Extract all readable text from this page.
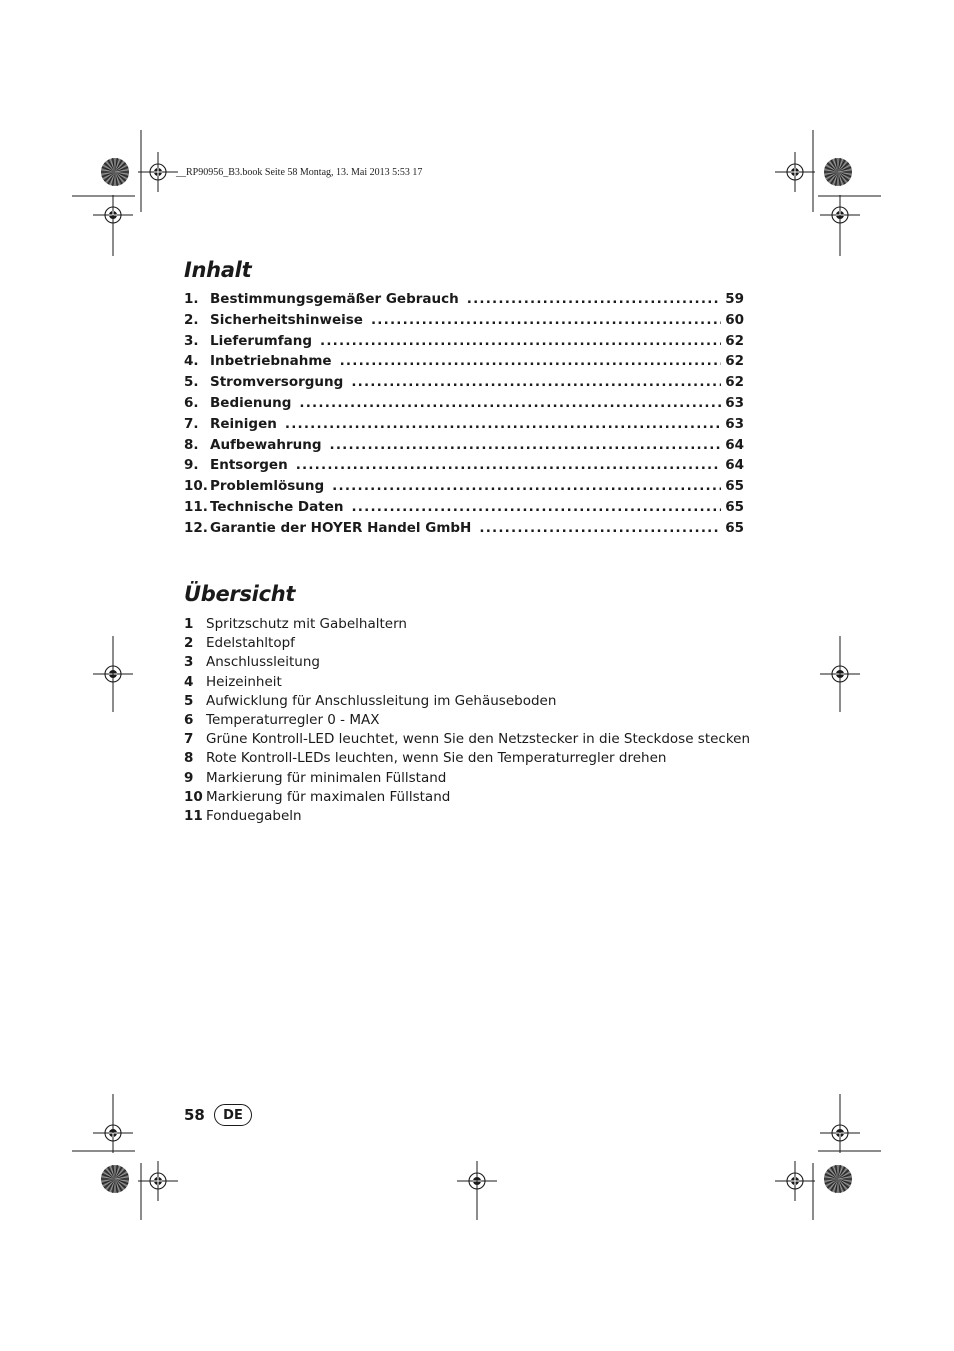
__RP90956_B3.book Seite 58 Montag, 13. Mai 2013 5:53 17
Inhalt
1. Bestimmungsgemäßer Gebrauch .....	59
2. Sicherheitshinweise .....	60
3. Lieferumfang .....	62
4. Inbetriebnahme .....	62
5. Stromversorgung .....	62
6. Bedienung .....	63
7. Reinigen .....	63
8. Aufbewahrung .....	64
9. Entsorgen .....	64
10. Problemlösung .....	65
11. Technische Daten .....	65
12. Garantie der HOYER Handel GmbH .....	65
Übersicht
1 Spritzschutz mit Gabelhaltern
2 Edelstahltopf
3 Anschlussleitung
4 Heizeinheit
5 Aufwicklung für Anschlussleitung im Gehäuseboden
6 Temperaturregler 0 - MAX
7 Grüne Kontroll-LED leuchtet, wenn Sie den Netzstecker in die Steckdose stecken
8 Rote Kontroll-LEDs leuchten, wenn Sie den Temperaturregler drehen
9 Markierung für minimalen Füllstand
10 Markierung für maximalen Füllstand
11 Fonduegabeln
58	DE
